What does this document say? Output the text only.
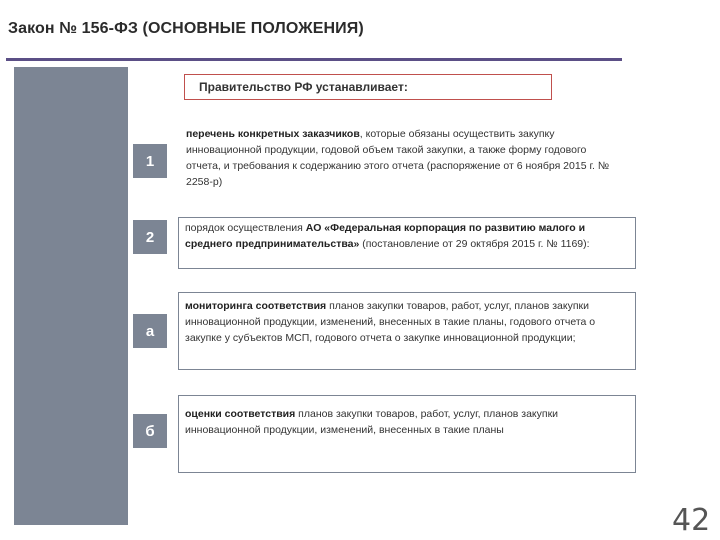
Закон № 156-ФЗ (ОСНОВНЫЕ ПОЛОЖЕНИЯ)
Правительство РФ устанавливает:
1
перечень конкретных заказчиков, которые обязаны осуществить закупку инновационной продукции, годовой объем такой закупки, а также форму годового отчета, и требования к содержанию этого отчета (распоряжение от 6 ноября 2015 г. № 2258-р)
2
порядок осуществления АО «Федеральная корпорация по развитию малого и среднего предпринимательства» (постановление от 29 октября 2015 г. № 1169):
а
мониторинга соответствия планов закупки товаров, работ, услуг, планов закупки инновационной продукции, изменений, внесенных в такие планы, годового отчета о закупке у субъектов МСП, годового отчета о закупке инновационной продукции;
б
оценки соответствия планов закупки товаров, работ, услуг, планов закупки инновационной продукции, изменений, внесенных в такие планы
42
